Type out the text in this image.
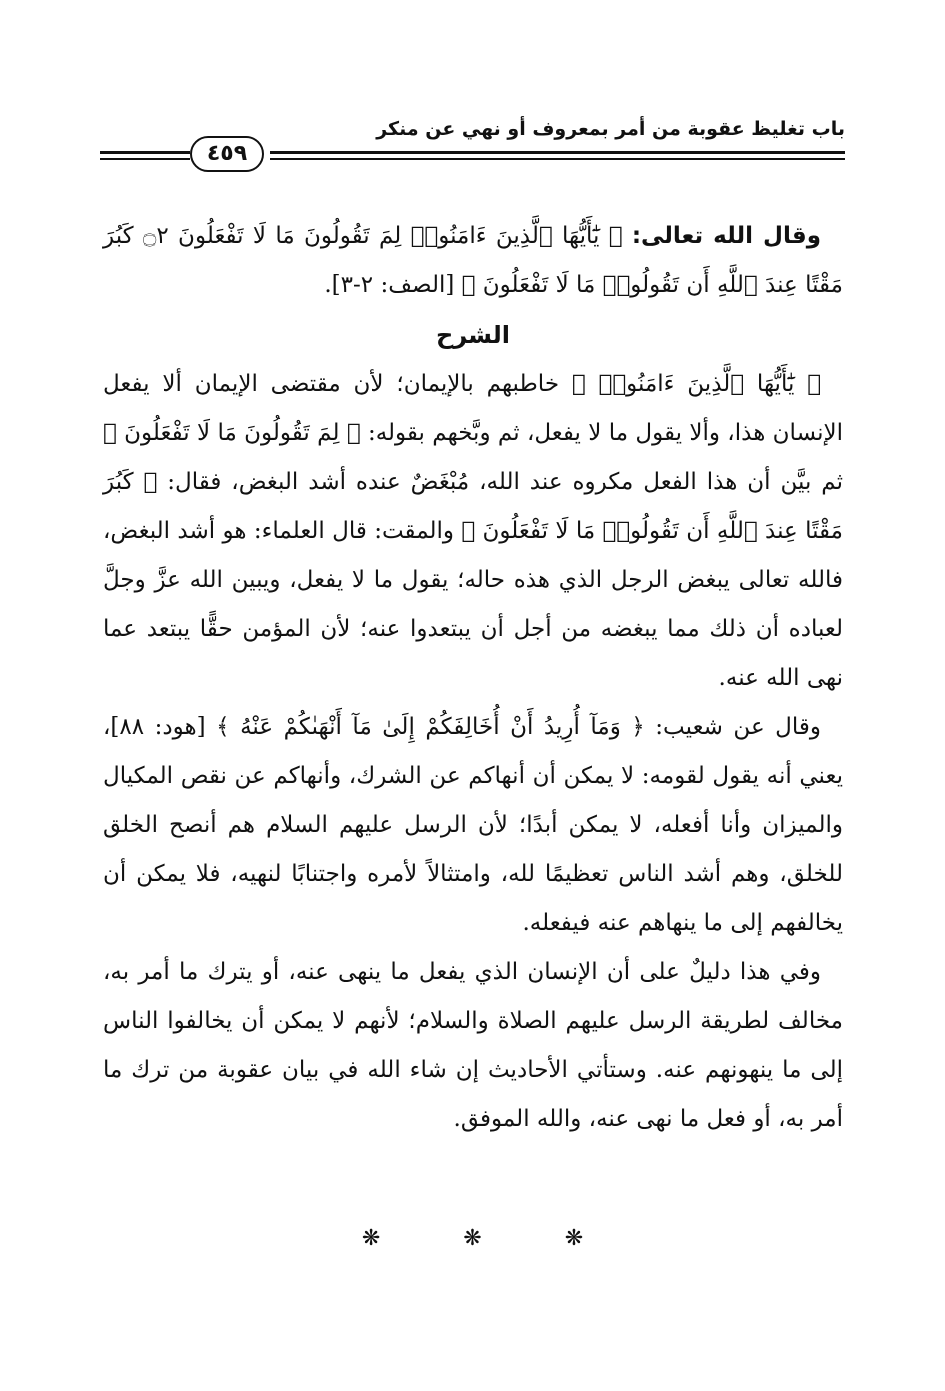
باب تغليظ عقوبة من أمر بمعروف أو نهي عن منكر
٤٥٩

وقال الله تعالى: ﴿ يَٰٓأَيُّهَا ٱلَّذِينَ ءَامَنُوا۟ لِمَ تَقُولُونَ مَا لَا تَفْعَلُونَ ۝٢ كَبُرَ مَقْتًا عِندَ ٱللَّهِ أَن تَقُولُوا۟ مَا لَا تَفْعَلُونَ ﴾ [الصف: ٢-٣].

الشرح

﴿ يَٰٓأَيُّهَا ٱلَّذِينَ ءَامَنُوا۟ ﴾ خاطبهم بالإيمان؛ لأن مقتضى الإيمان ألا يفعل الإنسان هذا، وألا يقول ما لا يفعل، ثم وبَّخهم بقوله: ﴿ لِمَ تَقُولُونَ مَا لَا تَفْعَلُونَ ﴾ ثم بيَّن أن هذا الفعل مكروه عند الله، مُبْغَضٌ عنده أشد البغض، فقال: ﴿ كَبُرَ مَقْتًا عِندَ ٱللَّهِ أَن تَقُولُوا۟ مَا لَا تَفْعَلُونَ ﴾ والمقت: قال العلماء: هو أشد البغض، فالله تعالى يبغض الرجل الذي هذه حاله؛ يقول ما لا يفعل، ويبين الله عزَّ وجلَّ لعباده أن ذلك مما يبغضه من أجل أن يبتعدوا عنه؛ لأن المؤمن حقًّا يبتعد عما نهى الله عنه.

وقال عن شعيب: ﴿ وَمَآ أُرِيدُ أَنْ أُخَالِفَكُمْ إِلَىٰ مَآ أَنْهَىٰكُمْ عَنْهُ ﴾ [هود: ٨٨]، يعني أنه يقول لقومه: لا يمكن أن أنهاكم عن الشرك، وأنهاكم عن نقص المكيال والميزان وأنا أفعله، لا يمكن أبدًا؛ لأن الرسل عليهم السلام هم أنصح الخلق للخلق، وهم أشد الناس تعظيمًا لله، وامتثالاً لأمره واجتنابًا لنهيه، فلا يمكن أن يخالفهم إلى ما ينهاهم عنه فيفعله.

وفي هذا دليلٌ على أن الإنسان الذي يفعل ما ينهى عنه، أو يترك ما أمر به، مخالف لطريقة الرسل عليهم الصلاة والسلام؛ لأنهم لا يمكن أن يخالفوا الناس إلى ما ينهونهم عنه. وستأتي الأحاديث إن شاء الله في بيان عقوبة من ترك ما أمر به، أو فعل ما نهى عنه، والله الموفق.

❋	❋	❋
